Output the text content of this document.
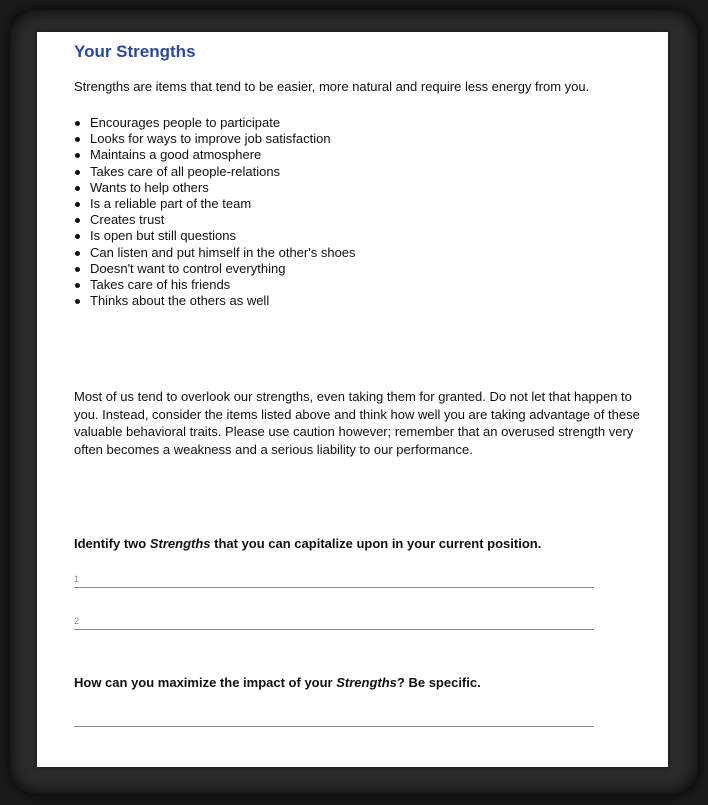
Your Strengths

Strengths are items that tend to be easier, more natural and require less energy from you.

Encourages people to participate
Looks for ways to improve job satisfaction
Maintains a good atmosphere
Takes care of all people-relations
Wants to help others
Is a reliable part of the team
Creates trust
Is open but still questions
Can listen and put himself in the other's shoes
Doesn't want to control everything
Takes care of his friends
Thinks about the others as well

Most of us tend to overlook our strengths, even taking them for granted. Do not let that happen to you. Instead, consider the items listed above and think how well you are taking advantage of these valuable behavioral traits. Please use caution however; remember that an overused strength very often becomes a weakness and a serious liability to our performance.

Identify two Strengths that you can capitalize upon in your current position.

1
2

How can you maximize the impact of your Strengths? Be specific.
